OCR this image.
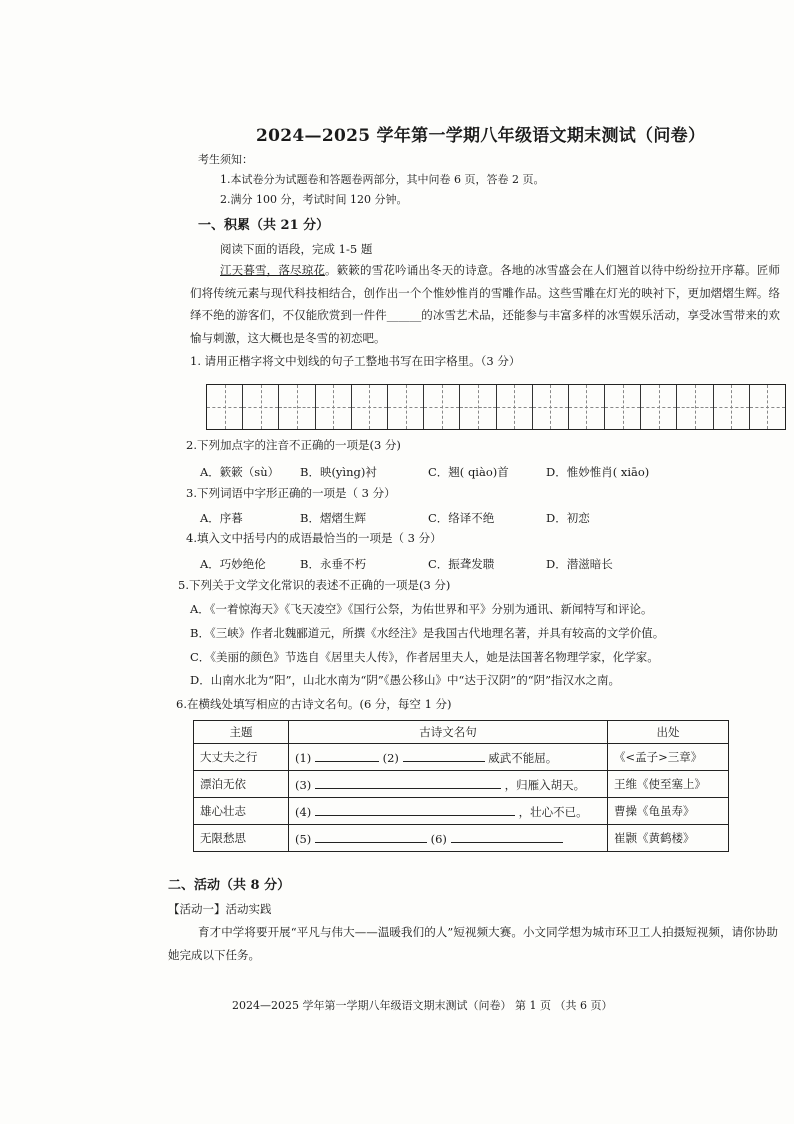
2024—2025 学年第一学期八年级语文期末测试（问卷）
考生须知：
1.本试卷分为试题卷和答题卷两部分，其中问卷 6 页，答卷 2 页。
2.满分 100 分，考试时间 120 分钟。
一、积累（共 21 分）
阅读下面的语段，完成 1-5 题
江天暮雪，落尽琼花。簌簌的雪花吟诵出冬天的诗意。各地的冰雪盛会在人们翘首以待中纷纷拉开序幕。匠师们将传统元素与现代科技相结合，创作出一个个惟妙惟肖的雪雕作品。这些雪雕在灯光的映衬下，更加熠熠生辉。络绎不绝的游客们，不仅能欣赏到一件件______的冰雪艺术品，还能参与丰富多样的冰雪娱乐活动，享受冰雪带来的欢愉与刺激，这大概也是冬雪的初恋吧。
1. 请用正楷字将文中划线的句子工整地书写在田字格里。（3 分）
2.下列加点字的注音不正确的一项是(3 分)
A．簌簌（sù） B．映(yìng)衬	C．翘( qiào)首	D．惟妙惟肖( xiāo)
3.下列词语中字形正确的一项是（ 3 分）
A．序暮	B．熠熠生辉	C．络译不绝	D．初恋
4.填入文中括号内的成语最恰当的一项是（ 3 分）
A．巧妙绝伦	B．永垂不朽	C．振聋发聩	D．潜滋暗长
5.下列关于文学文化常识的表述不正确的一项是(3 分)
A．《一着惊海天》《飞天凌空》《国行公祭，为佑世界和平》分别为通讯、新闻特写和评论。
B．《三峡》作者北魏郦道元，所撰《水经注》是我国古代地理名著，并具有较高的文学价值。
C．《美丽的颜色》节选自《居里夫人传》，作者居里夫人，她是法国著名物理学家，化学家。
D．山南水北为“阳”，山北水南为“阴”《愚公移山》中“达于汉阴”的“阴”指汉水之南。
6.在横线处填写相应的古诗文名句。(6 分，每空 1 分)
主题	古诗文名句	出处
大丈夫之行	(1) (2) 威武不能屈。	《<孟子>三章》
漂泊无依	(3) ，归雁入胡天。	王维《使至塞上》
雄心壮志	(4) ，壮心不已。	曹操《龟虽寿》
无限愁思	(5) (6)	崔颢《黄鹤楼》
二、活动（共 8 分）
【活动一】活动实践
育才中学将要开展“平凡与伟大——温暖我们的人”短视频大赛。小文同学想为城市环卫工人拍摄短视频，请你协助她完成以下任务。
2024—2025 学年第一学期八年级语文期末测试（问卷） 第 1 页 （共 6 页）
